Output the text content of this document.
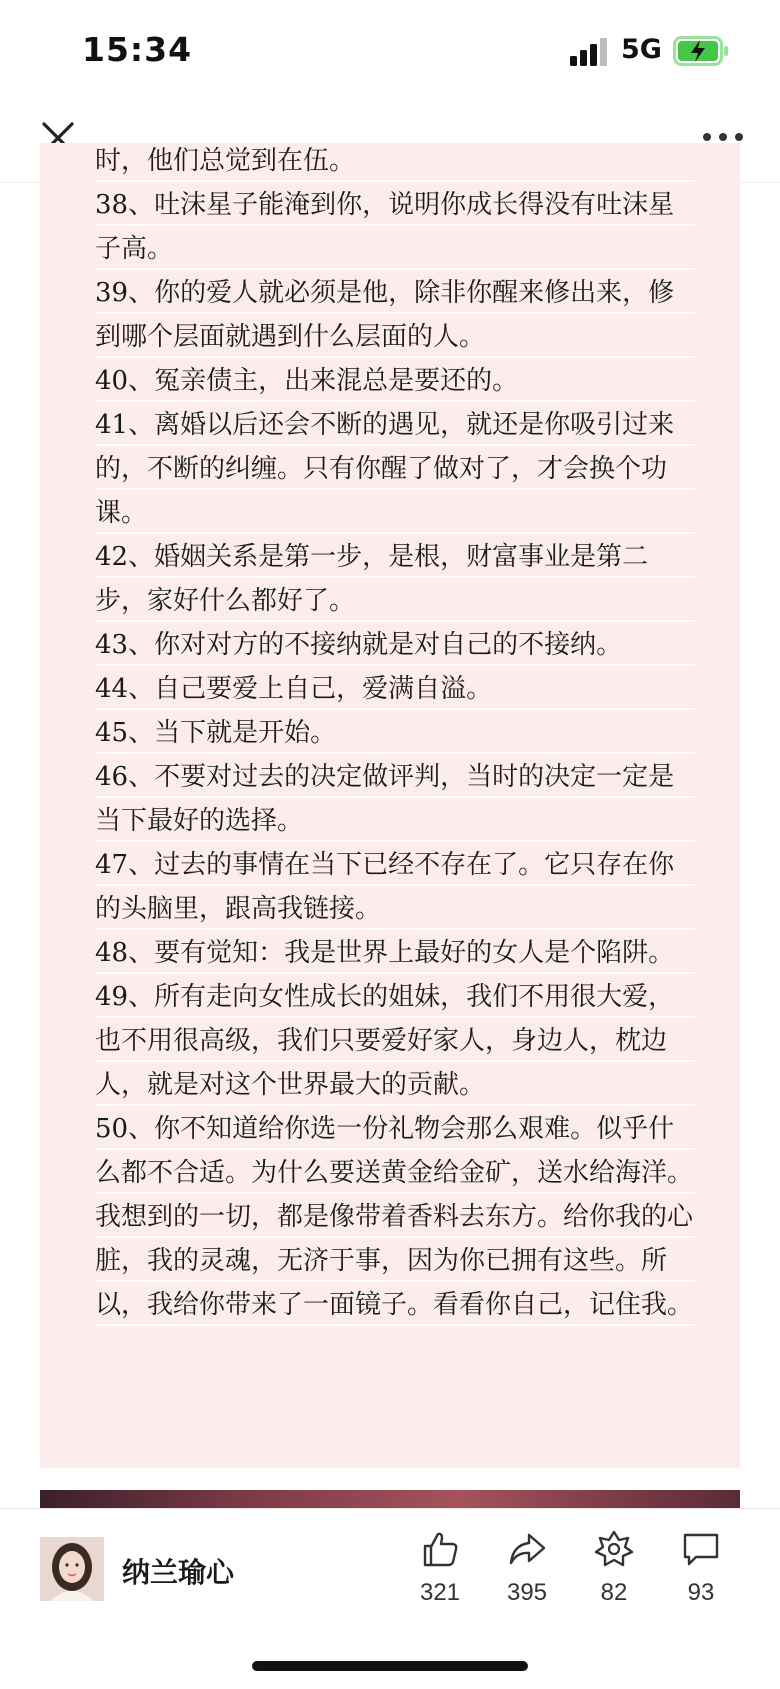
15:34	5G

时，他们总觉到在伍。

38、吐沫星子能淹到你，说明你成长得没有吐沫星子高。

39、你的爱人就必须是他，除非你醒来修出来，修到哪个层面就遇到什么层面的人。

40、冤亲债主，出来混总是要还的。

41、离婚以后还会不断的遇见，就还是你吸引过来的，不断的纠缠。只有你醒了做对了，才会换个功课。

42、婚姻关系是第一步，是根，财富事业是第二步，家好什么都好了。

43、你对对方的不接纳就是对自己的不接纳。

44、自己要爱上自己，爱满自溢。

45、当下就是开始。

46、不要对过去的决定做评判，当时的决定一定是当下最好的选择。

47、过去的事情在当下已经不存在了。它只存在你的头脑里，跟高我链接。

48、要有觉知：我是世界上最好的女人是个陷阱。

49、所有走向女性成长的姐妹，我们不用很大爱，也不用很高级，我们只要爱好家人，身边人，枕边人，就是对这个世界最大的贡献。

50、你不知道给你选一份礼物会那么艰难。似乎什么都不合适。为什么要送黄金给金矿，送水给海洋。我想到的一切，都是像带着香料去东方。给你我的心脏，我的灵魂，无济于事，因为你已拥有这些。所以，我给你带来了一面镜子。看看你自己，记住我。

纳兰瑜心
321	395	82	93
